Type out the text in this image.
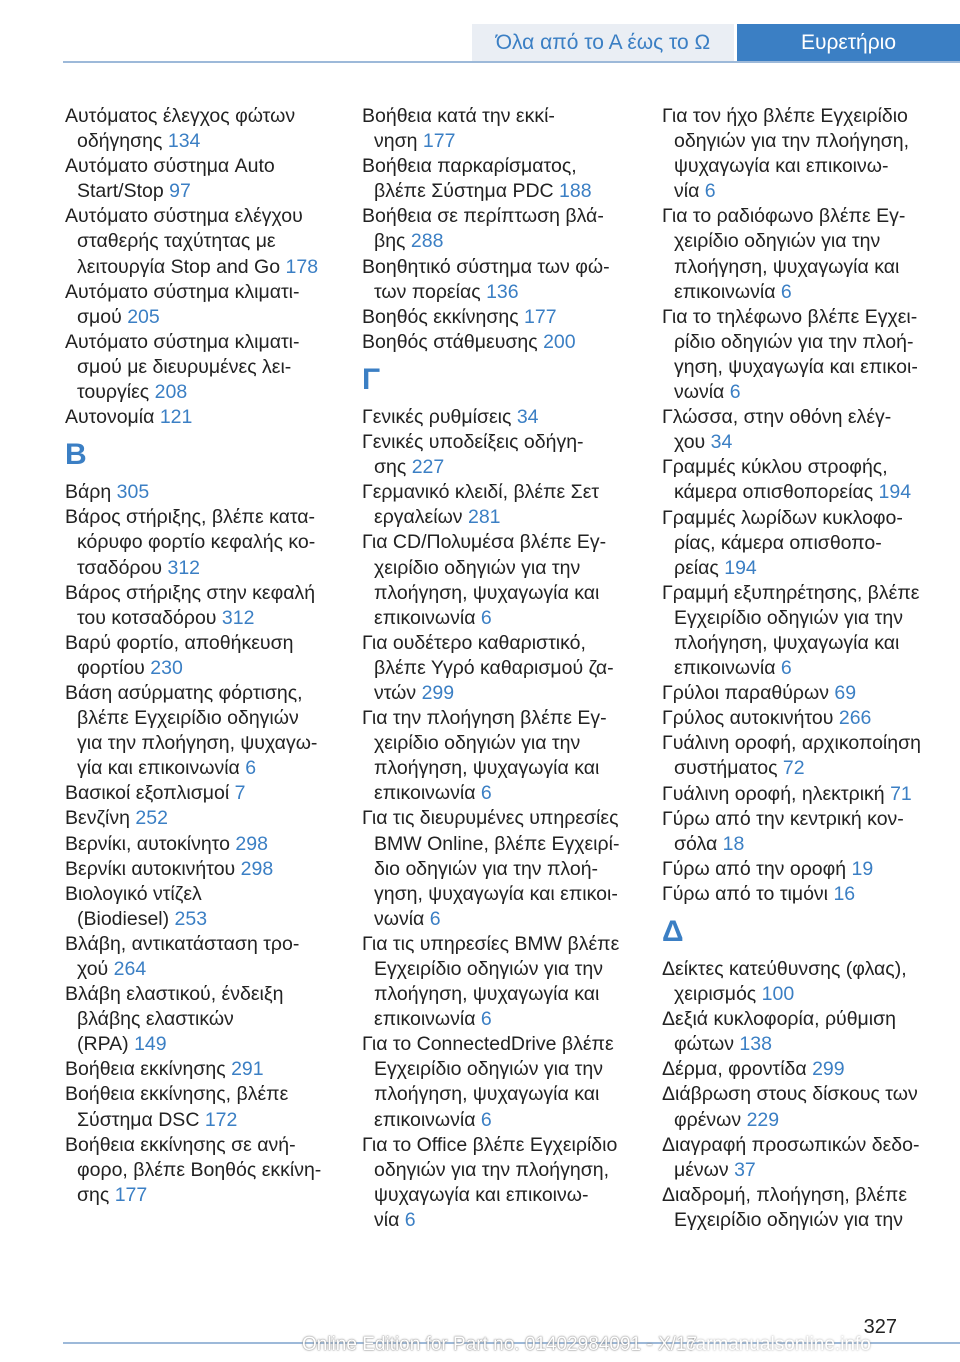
Όλα από το Α έως το Ω	Ευρετήριο
Αυτόματος έλεγχος φώτων
οδήγησης 134
Αυτόματο σύστημα Auto
Start/Stop 97
Αυτόματο σύστημα ελέγχου
σταθερής ταχύτητας με
λειτουργία Stop and Go 178
Αυτόματο σύστημα κλιματι‐
σμού 205
Αυτόματο σύστημα κλιματι‐
σμού με διευρυμένες λει‐
τουργίες 208
Αυτονομία 121
Β
Βάρη 305
Βάρος στήριξης, βλέπε κατα‐
κόρυφο φορτίο κεφαλής κο‐
τσαδόρου 312
Βάρος στήριξης στην κεφαλή
του κοτσαδόρου 312
Βαρύ φορτίο, αποθήκευση
φορτίου 230
Βάση ασύρματης φόρτισης,
βλέπε Εγχειρίδιο οδηγιών
για την πλοήγηση, ψυχαγω‐
γία και επικοινωνία 6
Βασικοί εξοπλισμοί 7
Βενζίνη 252
Βερνίκι, αυτοκίνητο 298
Βερνίκι αυτοκινήτου 298
Βιολογικό ντίζελ
(Biodiesel) 253
Βλάβη, αντικατάσταση τρο‐
χού 264
Βλάβη ελαστικού, ένδειξη
βλάβης ελαστικών
(RPA) 149
Βοήθεια εκκίνησης 291
Βοήθεια εκκίνησης, βλέπε
Σύστημα DSC 172
Βοήθεια εκκίνησης σε ανή‐
φορο, βλέπε Βοηθός εκκίνη‐
σης 177
Βοήθεια κατά την εκκί‐
νηση 177
Βοήθεια παρκαρίσματος,
βλέπε Σύστημα PDC 188
Βοήθεια σε περίπτωση βλά‐
βης 288
Βοηθητικό σύστημα των φώ‐
των πορείας 136
Βοηθός εκκίνησης 177
Βοηθός στάθμευσης 200
Γ
Γενικές ρυθμίσεις 34
Γενικές υποδείξεις οδήγη‐
σης 227
Γερμανικό κλειδί, βλέπε Σετ
εργαλείων 281
Για CD/Πολυμέσα βλέπε Εγ‐
χειρίδιο οδηγιών για την
πλοήγηση, ψυχαγωγία και
επικοινωνία 6
Για ουδέτερο καθαριστικό,
βλέπε Υγρό καθαρισμού ζα‐
ντών 299
Για την πλοήγηση βλέπε Εγ‐
χειρίδιο οδηγιών για την
πλοήγηση, ψυχαγωγία και
επικοινωνία 6
Για τις διευρυμένες υπηρεσίες
BMW Online, βλέπε Εγχειρί‐
διο οδηγιών για την πλοή‐
γηση, ψυχαγωγία και επικοι‐
νωνία 6
Για τις υπηρεσίες BMW βλέπε
Εγχειρίδιο οδηγιών για την
πλοήγηση, ψυχαγωγία και
επικοινωνία 6
Για το ConnectedDrive βλέπε
Εγχειρίδιο οδηγιών για την
πλοήγηση, ψυχαγωγία και
επικοινωνία 6
Για το Office βλέπε Εγχειρίδιο
οδηγιών για την πλοήγηση,
ψυχαγωγία και επικοινω‐
νία 6
Για τον ήχο βλέπε Εγχειρίδιο
οδηγιών για την πλοήγηση,
ψυχαγωγία και επικοινω‐
νία 6
Για το ραδιόφωνο βλέπε Εγ‐
χειρίδιο οδηγιών για την
πλοήγηση, ψυχαγωγία και
επικοινωνία 6
Για το τηλέφωνο βλέπε Εγχει‐
ρίδιο οδηγιών για την πλοή‐
γηση, ψυχαγωγία και επικοι‐
νωνία 6
Γλώσσα, στην οθόνη ελέγ‐
χου 34
Γραμμές κύκλου στροφής,
κάμερα οπισθοπορείας 194
Γραμμές λωρίδων κυκλοφο‐
ρίας, κάμερα οπισθοπο‐
ρείας 194
Γραμμή εξυπηρέτησης, βλέπε
Εγχειρίδιο οδηγιών για την
πλοήγηση, ψυχαγωγία και
επικοινωνία 6
Γρύλοι παραθύρων 69
Γρύλος αυτοκινήτου 266
Γυάλινη οροφή, αρχικοποίηση
συστήματος 72
Γυάλινη οροφή, ηλεκτρική 71
Γύρω από την κεντρική κον‐
σόλα 18
Γύρω από την οροφή 19
Γύρω από το τιμόνι 16
Δ
Δείκτες κατεύθυνσης (φλας),
χειρισμός 100
Δεξιά κυκλοφορία, ρύθμιση
φώτων 138
Δέρμα, φροντίδα 299
Διάβρωση στους δίσκους των
φρένων 229
Διαγραφή προσωπικών δεδο‐
μένων 37
Διαδρομή, πλοήγηση, βλέπε
Εγχειρίδιο οδηγιών για την
327
Online Edition for Part no. 01402984091 - X/17
carmanualsonline.info
